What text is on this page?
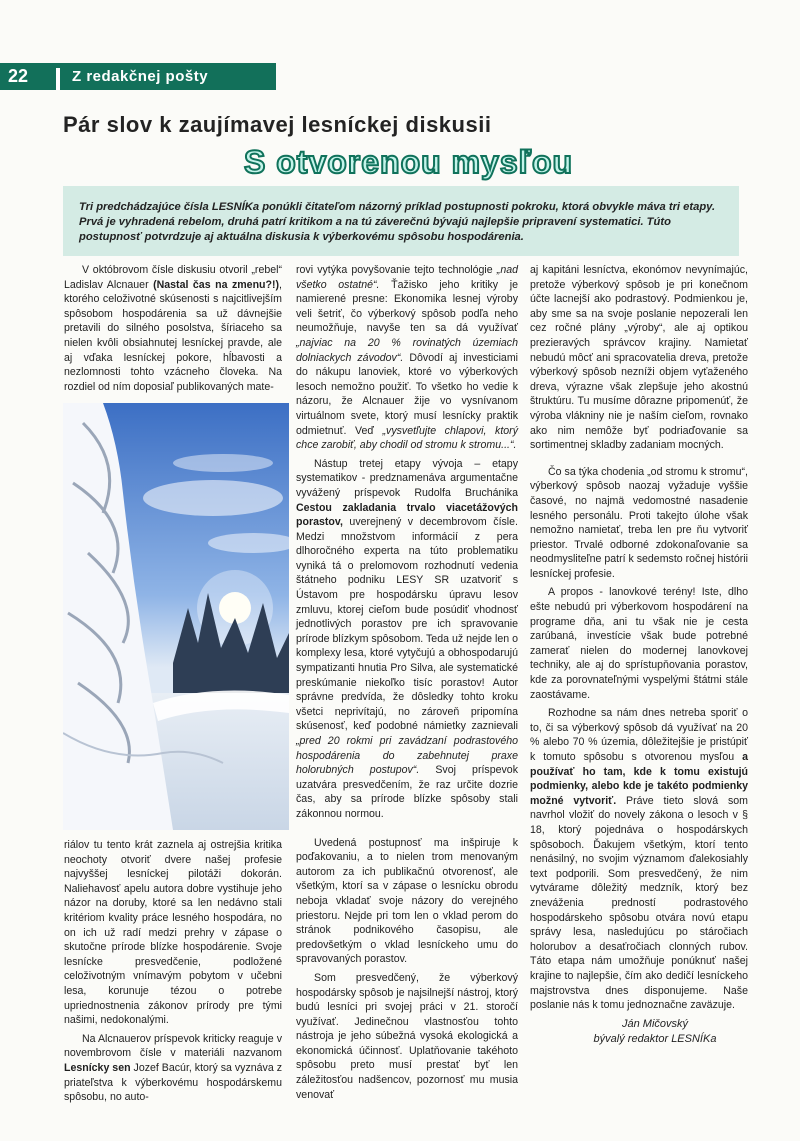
22	Z redakčnej pošty
Pár slov k zaujímavej lesníckej diskusii
S otvorenou mysľou
Tri predchádzajúce čísla LESNÍKa ponúkli čitateľom názorný príklad postupnosti pokroku, ktorá obvykle máva tri etapy. Prvá je vyhradená rebelom, druhá patrí kritikom a na tú záverečnú bývajú najlepšie pripravení systematici. Túto postupnosť potvrdzuje aj aktuálna diskusia k výberkovému spôsobu hospodárenia.

V októbrovom čísle diskusiu otvoril „rebel“ Ladislav Alcnauer (Nastal čas na zmenu?!), ktorého celoživotné skúsenosti s najcitlivejším spôsobom hospodárenia sa už dávnejšie pretavili do silného posolstva, šíriaceho sa nielen kvôli obsiahnutej lesníckej pravde, ale aj vďaka lesníckej pokore, hĺbavosti a nezlomnosti tohto vzácneho človeka. Na rozdiel od ním doposiaľ publikovaných mate-

riálov tu tento krát zaznela aj ostrejšia kritika neochoty otvoriť dvere našej profesie najvyššej lesníckej pilotáži dokorán. Naliehavosť apelu autora dobre vystihuje jeho názor na doruby, ktoré sa len nedávno stali kritériom kvality práce lesného hospodára, no on ich už radí medzi prehry v zápase o skutočne prírode blízke hospodárenie. Svoje lesnícke presvedčenie, podložené celoživotným vnímavým pobytom v učebni lesa, korunuje tézou o potrebe upriednostnenia zákonov prírody pre tými našimi, nedokonalými.

Na Alcnauerov príspevok kriticky reaguje v novembrovom čísle v materiáli nazvanom Lesnícky sen Jozef Bacúr, ktorý sa vyznáva z priateľstva k výberkovému hospodárskemu spôsobu, no auto-

rovi vytýka povyšovanie tejto technológie „nad všetko ostatné“. Ťažisko jeho kritiky je namierené presne: Ekonomika lesnej výroby veli šetriť, čo výberkový spôsob podľa neho neumožňuje, navyše ten sa dá využívať „najviac na 20 % rovinatých územiach dolniackych závodov“. Dôvodí aj investiciami do nákupu lanoviek, ktoré vo výberkových lesoch nemožno použiť. To všetko ho vedie k názoru, že Alcnauer žije vo vysnívanom virtuálnom svete, ktorý musí lesnícky praktik odmietnuť. Veď „vysvetľujte chlapovi, ktorý chce zarobiť, aby chodil od stromu k stromu...“.

Nástup tretej etapy vývoja – etapy systematikov - predznamenáva argumentačne vyvážený príspevok Rudolfa Bruchánika Cestou zakladania trvalo viacetážových porastov, uverejnený v decembrovom čísle. Medzi množstvom informácií z pera dlhoročného experta na túto problematiku vyniká tá o prelomovom rozhodnutí vedenia štátneho podniku LESY SR uzatvoriť s Ústavom pre hospodársku úpravu lesov zmluvu, ktorej cieľom bude posúdiť vhodnosť jednotlivých porastov pre ich spravovanie prírode blízkym spôsobom. Teda už nejde len o komplexy lesa, ktoré vytyčujú a obhospodarujú sympatizanti hnutia Pro Silva, ale systematické preskúmanie niekoľko tisíc porastov! Autor správne predvída, že dôsledky tohto kroku všetci neprivítajú, no zároveň pripomína skúsenosť, keď podobné námietky zaznievali „pred 20 rokmi pri zavádzaní podrastového hospodárenia do zabehnutej praxe holorubných postupov“. Svoj príspevok uzatvára presvedčením, že raz určite dozrie čas, aby sa prírode blízke spôsoby stali zákonnou normou.

Uvedená postupnosť ma inšpiruje k poďakovaniu, a to nielen trom menovaným autorom za ich publikačnú otvorenosť, ale všetkým, ktorí sa v zápase o lesnícku obrodu neboja vkladať svoje názory do verejného priestoru. Nejde pri tom len o vklad perom do stránok podnikového časopisu, ale predovšetkým o vklad lesníckeho umu do spravovaných porastov.

Som presvedčený, že výberkový hospodársky spôsob je najsilnejší nástroj, ktorý budú lesníci pri svojej práci v 21. storočí využívať. Jedinečnou vlastnosťou tohto nástroja je jeho súbežná vysoká ekologická a ekonomická účinnosť. Uplatňovanie takéhoto spôsobu preto musí prestať byť len záležitosťou nadšencov, pozornosť mu musia venovať

aj kapitáni lesníctva, ekonómov nevynímajúc, pretože výberkový spôsob je pri konečnom účte lacnejší ako podrastový. Podmienkou je, aby sme sa na svoje poslanie nepozerali len cez ročné plány „výroby“, ale aj optikou prezieravých správcov krajiny. Namietať nebudú môcť ani spracovatelia dreva, pretože výberkový spôsob nezníži objem vyťaženého dreva, výrazne však zlepšuje jeho akostnú štruktúru. Tu musíme dôrazne pripomenúť, že výroba vlákniny nie je naším cieľom, rovnako ako nim nemôže byť podriaďovanie sa sortimentnej skladby zadaniam mocných.

Čo sa týka chodenia „od stromu k stromu“, výberkový spôsob naozaj vyžaduje vyššie časové, no najmä vedomostné nasadenie lesného personálu. Proti takejto úlohe však nemožno namietať, treba len pre ňu vytvoriť priestor. Trvalé odborné zdokonaľovanie sa neodmysliteľne patrí k sedemsto ročnej histórii lesníckej profesie.

A propos - lanovkové terény! Iste, dlho ešte nebudú pri výberkovom hospodárení na programe dňa, ani tu však nie je cesta zarúbaná, investície však bude potrebné zamerať nielen do modernej lanovkovej techniky, ale aj do sprístupňovania porastov, kde za porovnateľnými vyspelými štátmi stále zaostávame.

Rozhodne sa nám dnes netreba sporiť o to, či sa výberkový spôsob dá využívať na 20 % alebo 70 % územia, dôležitejšie je pristúpiť k tomuto spôsobu s otvorenou mysľou a používať ho tam, kde k tomu existujú podmienky, alebo kde je takéto podmienky možné vytvoriť. Práve tieto slová som navrhol vložiť do novely zákona o lesoch v § 18, ktorý pojednáva o hospodárskych spôsoboch. Ďakujem všetkým, ktorí tento nenásilný, no svojim významom ďalekosiahly text podporili. Som presvedčený, že nim vytvárame dôležitý medzník, ktorý bez zneváženia predností podrastového hospodárskeho spôsobu otvára novú etapu správy lesa, nasledujúcu po stáročiach holorubov a desaťročiach clonných rubov. Táto etapa nám umožňuje ponúknuť našej krajine to najlepšie, čím ako dedičí lesníckeho majstrovstva dnes disponujeme. Naše poslanie nás k tomu jednoznačne zaväzuje.

Ján Mičovský
bývalý redaktor LESNÍKa
